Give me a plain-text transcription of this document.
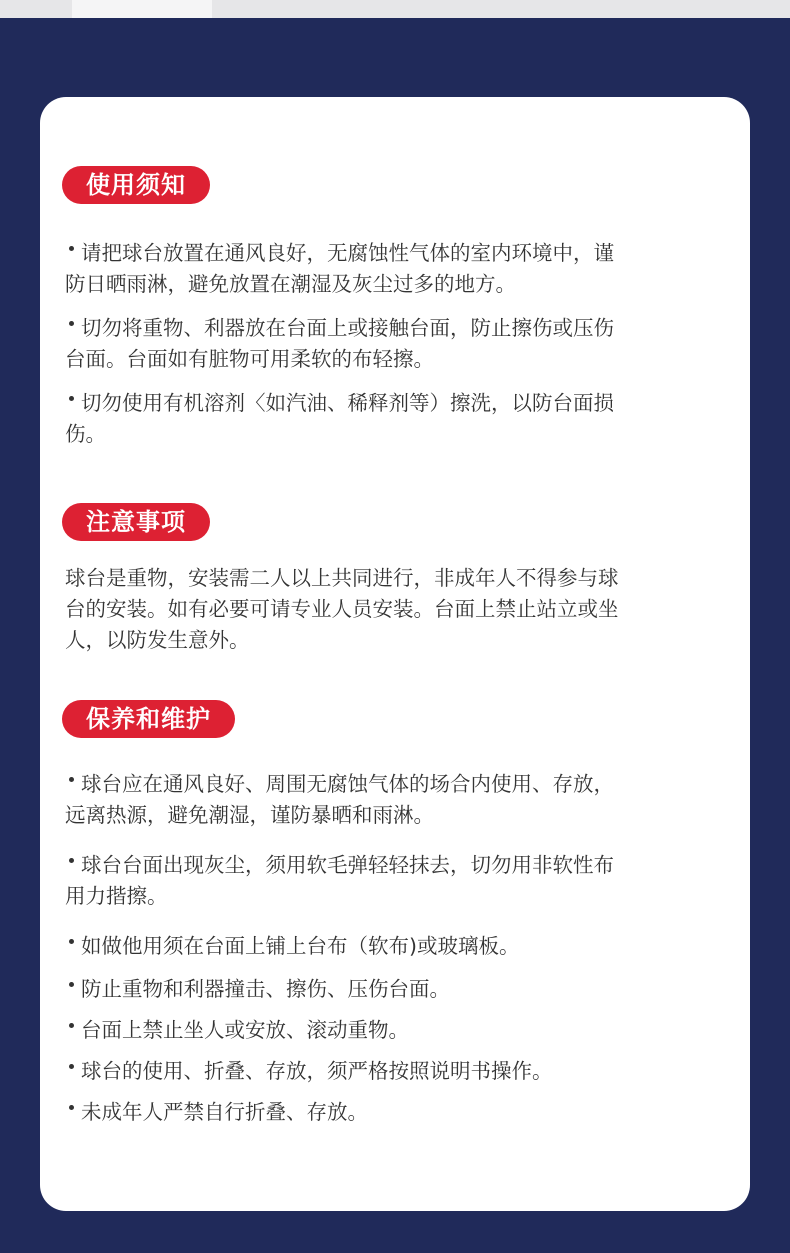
使用须知
请把球台放置在通风良好，无腐蚀性气体的室内环境中，谨
防日晒雨淋，避免放置在潮湿及灰尘过多的地方。
切勿将重物、利器放在台面上或接触台面，防止擦伤或压伤
台面。台面如有脏物可用柔软的布轻擦。
切勿使用有机溶剂〈如汽油、稀释剂等）擦洗，以防台面损
伤。
注意事项
球台是重物，安装需二人以上共同进行，非成年人不得参与球
台的安装。如有必要可请专业人员安装。台面上禁止站立或坐
人，以防发生意外。
保养和维护
球台应在通风良好、周围无腐蚀气体的场合内使用、存放，
远离热源，避免潮湿，谨防暴晒和雨淋。
球台台面出现灰尘，须用软毛弹轻轻抹去，切勿用非软性布
用力揩擦。
如做他用须在台面上铺上台布（软布)或玻璃板。
防止重物和利器撞击、擦伤、压伤台面。
台面上禁止坐人或安放、滚动重物。
球台的使用、折叠、存放，须严格按照说明书操作。
未成年人严禁自行折叠、存放。
